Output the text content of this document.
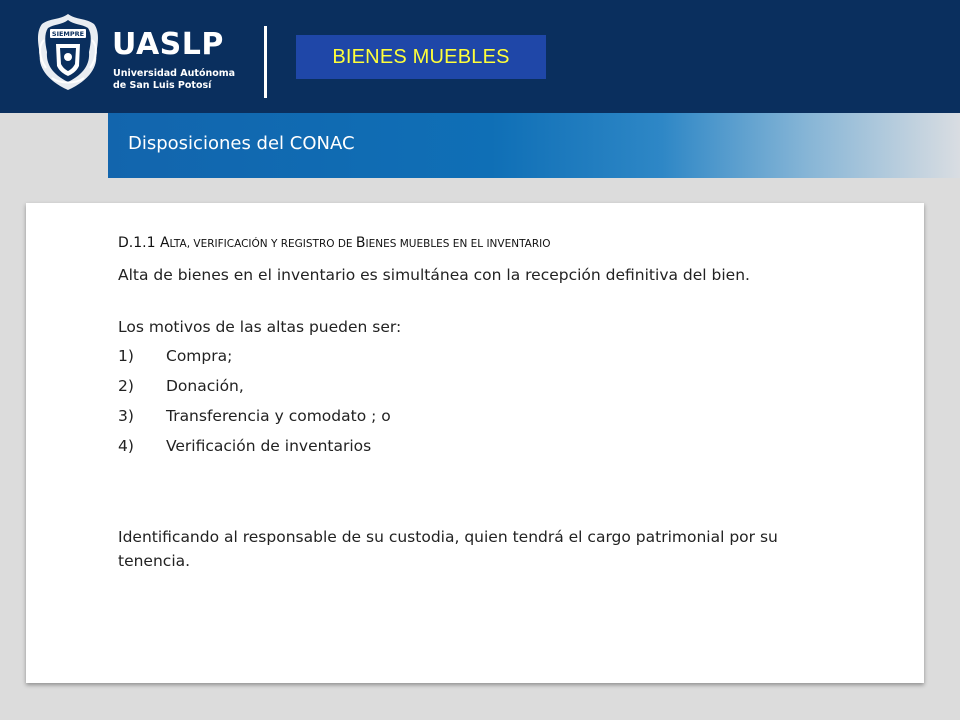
SIEMPRE UASLP
Universidad Autónoma
de San Luis Potosí
BIENES MUEBLES
Disposiciones del CONAC
D.1.1 ALTA, VERIFICACIÓN Y REGISTRO DE BIENES MUEBLES EN EL INVENTARIO
Alta de bienes en el inventario es simultánea con la recepción definitiva del bien.
Los motivos de las altas pueden ser:
1)	Compra;
2)	Donación,
3)	Transferencia y comodato ; o
4)	Verificación de inventarios
Identificando al responsable de su custodia, quien tendrá el cargo patrimonial por su tenencia.
